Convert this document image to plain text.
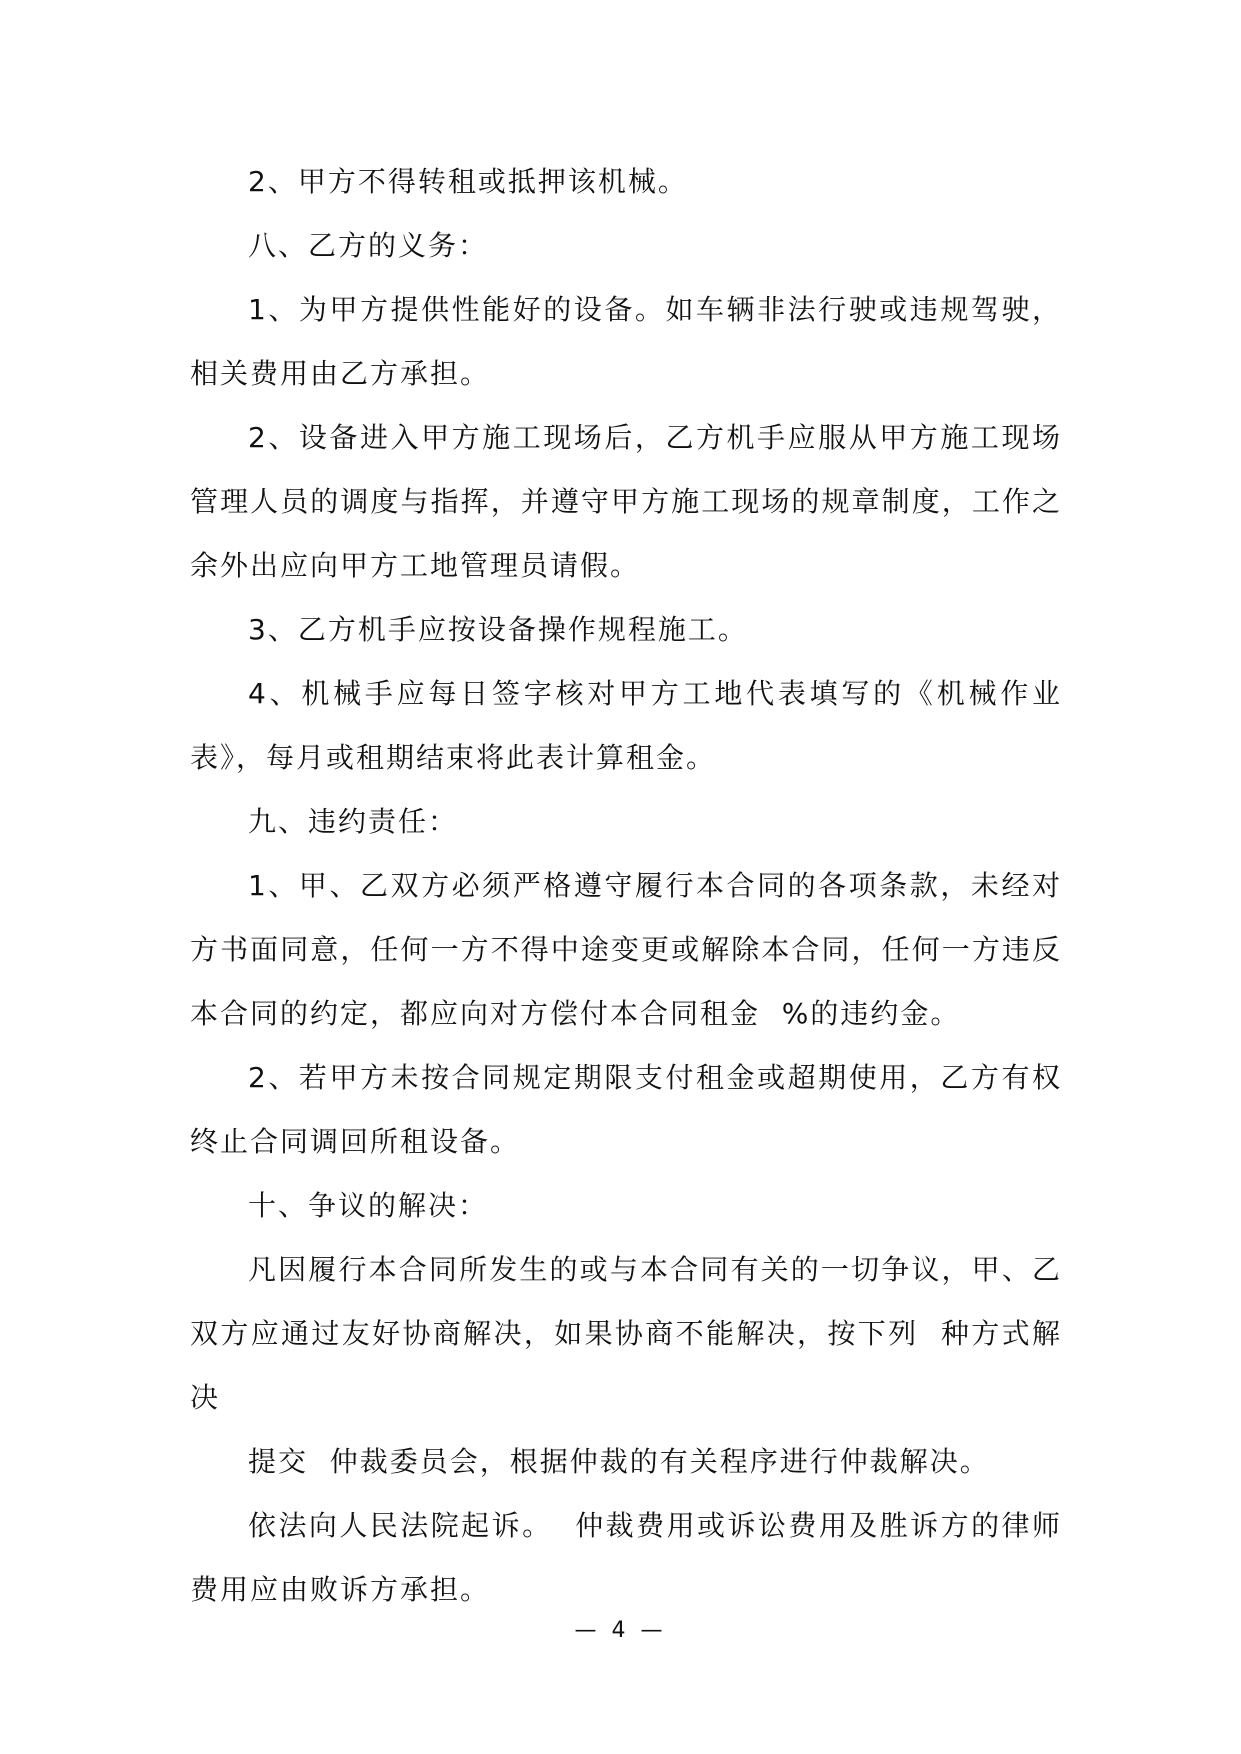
2、甲方不得转租或抵押该机械。

八、乙方的义务：

1、为甲方提供性能好的设备。如车辆非法行驶或违规驾驶，相关费用由乙方承担。

2、设备进入甲方施工现场后，乙方机手应服从甲方施工现场管理人员的调度与指挥，并遵守甲方施工现场的规章制度，工作之余外出应向甲方工地管理员请假。

3、乙方机手应按设备操作规程施工。

4、机械手应每日签字核对甲方工地代表填写的《机械作业表》，每月或租期结束将此表计算租金。

九、违约责任：

1、甲、乙双方必须严格遵守履行本合同的各项条款，未经对方书面同意，任何一方不得中途变更或解除本合同，任何一方违反本合同的约定，都应向对方偿付本合同租金  %的违约金。

2、若甲方未按合同规定期限支付租金或超期使用，乙方有权终止合同调回所租设备。

十、争议的解决：

凡因履行本合同所发生的或与本合同有关的一切争议，甲、乙双方应通过友好协商解决，如果协商不能解决，按下列  种方式解决

提交  仲裁委员会，根据仲裁的有关程序进行仲裁解决。

依法向人民法院起诉。  仲裁费用或诉讼费用及胜诉方的律师费用应由败诉方承担。

— 4 —
